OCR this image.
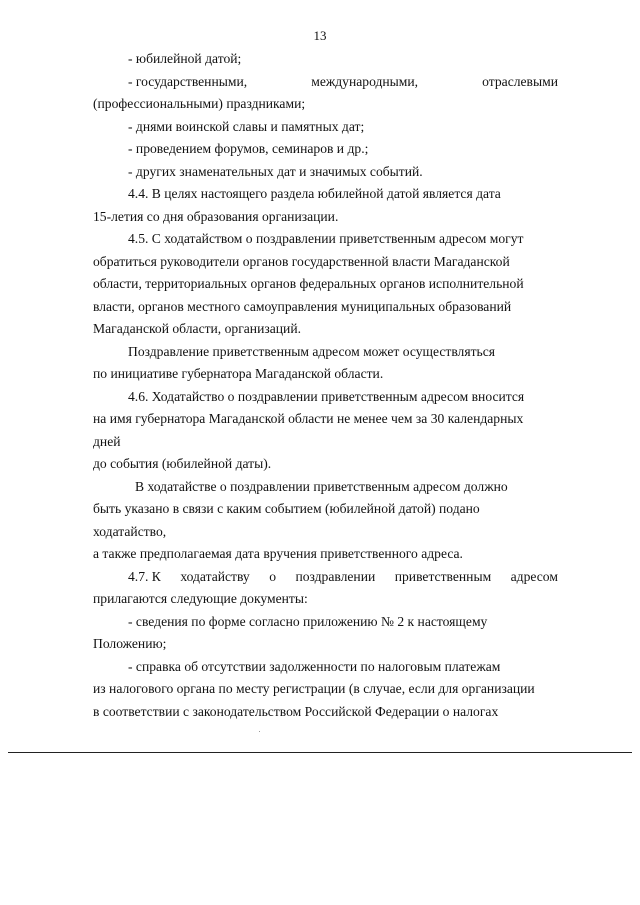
13
- юбилейной датой;
- государственными,	международными,	отраслевыми
(профессиональными) праздниками;
- днями воинской славы и памятных дат;
- проведением форумов, семинаров и др.;
- других знаменательных дат и значимых событий.
4.4. В целях настоящего раздела юбилейной датой является дата
15-летия со дня образования организации.
4.5. С ходатайством о поздравлении приветственным адресом могут
обратиться руководители органов государственной власти Магаданской
области, территориальных органов федеральных органов исполнительной
власти, органов местного самоуправления муниципальных образований
Магаданской области, организаций.
Поздравление приветственным адресом может осуществляться
по инициативе губернатора Магаданской области.
4.6. Ходатайство о поздравлении приветственным адресом вносится
на имя губернатора Магаданской области не менее чем за 30 календарных
дней
до события (юбилейной даты).
В ходатайстве о поздравлении приветственным адресом должно
быть указано в связи с каким событием (юбилейной датой) подано
ходатайство,
а также предполагаемая дата вручения приветственного адреса.
4.7. К ходатайству о поздравлении приветственным адресом
прилагаются следующие документы:
- сведения по форме согласно приложению № 2 к настоящему
Положению;
- справка об отсутствии задолженности по налоговым платежам
из налогового органа по месту регистрации (в случае, если для организации
в соответствии с законодательством Российской Федерации о налогах
